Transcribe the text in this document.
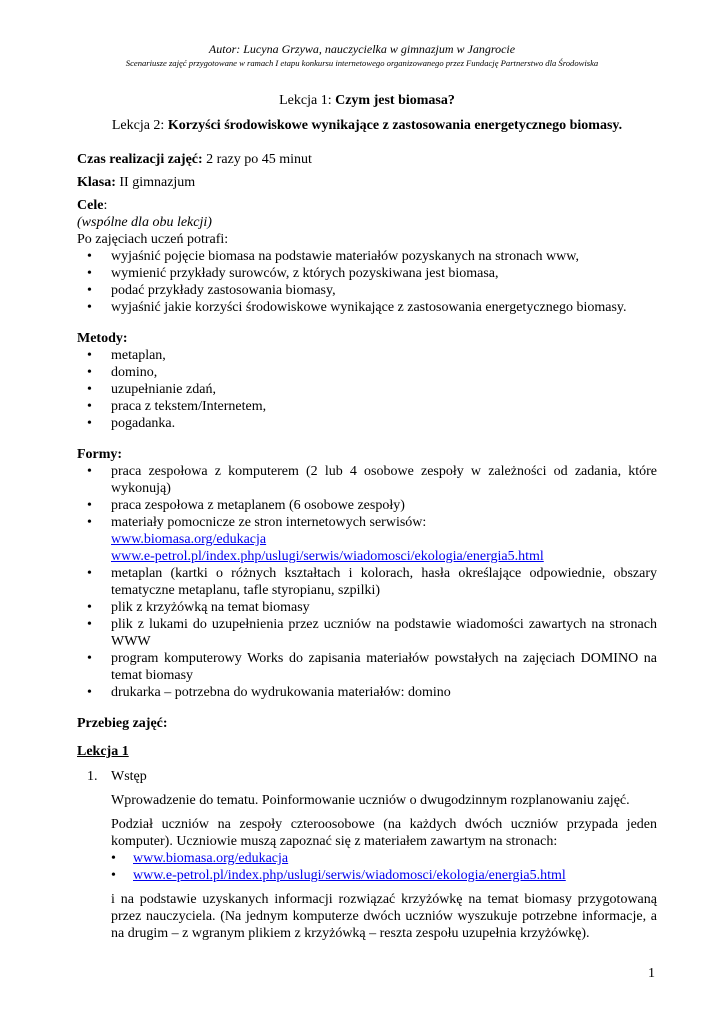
Autor: Lucyna Grzywa, nauczycielka w gimnazjum w Jangrocie
Scenariusze zajęć przygotowane w ramach I etapu konkursu internetowego organizowanego przez Fundację Partnerstwo dla Środowiska

Lekcja 1: Czym jest biomasa?

Lekcja 2: Korzyści środowiskowe wynikające z zastosowania energetycznego biomasy.

Czas realizacji zajęć: 2 razy po 45 minut

Klasa: II gimnazjum

Cele:

(wspólne dla obu lekcji)

Po zajęciach uczeń potrafi:

• wyjaśnić pojęcie biomasa na podstawie materiałów pozyskanych na stronach www,
• wymienić przykłady surowców, z których pozyskiwana jest biomasa,
• podać przykłady zastosowania biomasy,
• wyjaśnić jakie korzyści środowiskowe wynikające z zastosowania energetycznego biomasy.

Metody:

• metaplan,
• domino,
• uzupełnianie zdań,
• praca z tekstem/Internetem,
• pogadanka.

Formy:

• praca zespołowa z komputerem (2 lub 4 osobowe zespoły w zależności od zadania, które wykonują)
• praca zespołowa z metaplanem (6 osobowe zespoły)
• materiały pomocnicze ze stron internetowych serwisów:
www.biomasa.org/edukacja
www.e-petrol.pl/index.php/uslugi/serwis/wiadomosci/ekologia/energia5.html
• metaplan (kartki o różnych kształtach i kolorach, hasła określające odpowiednie, obszary tematyczne metaplanu, tafle styropianu, szpilki)
• plik z krzyżówką na temat biomasy
• plik z lukami do uzupełnienia przez uczniów na podstawie wiadomości zawartych na stronach WWW
• program komputerowy Works do zapisania materiałów powstałych na zajęciach DOMINO na temat biomasy
• drukarka – potrzebna do wydrukowania materiałów: domino

Przebieg zajęć:

Lekcja 1

1. Wstęp

Wprowadzenie do tematu. Poinformowanie uczniów o dwugodzinnym rozplanowaniu zajęć.

Podział uczniów na zespoły czteroosobowe (na każdych dwóch uczniów przypada jeden komputer). Uczniowie muszą zapoznać się z materiałem zawartym na stronach:

• www.biomasa.org/edukacja
• www.e-petrol.pl/index.php/uslugi/serwis/wiadomosci/ekologia/energia5.html

i na podstawie uzyskanych informacji rozwiązać krzyżówkę na temat biomasy przygotowaną przez nauczyciela. (Na jednym komputerze dwóch uczniów wyszukuje potrzebne informacje, a na drugim – z wgranym plikiem z krzyżówką – reszta zespołu uzupełnia krzyżówkę).

1
